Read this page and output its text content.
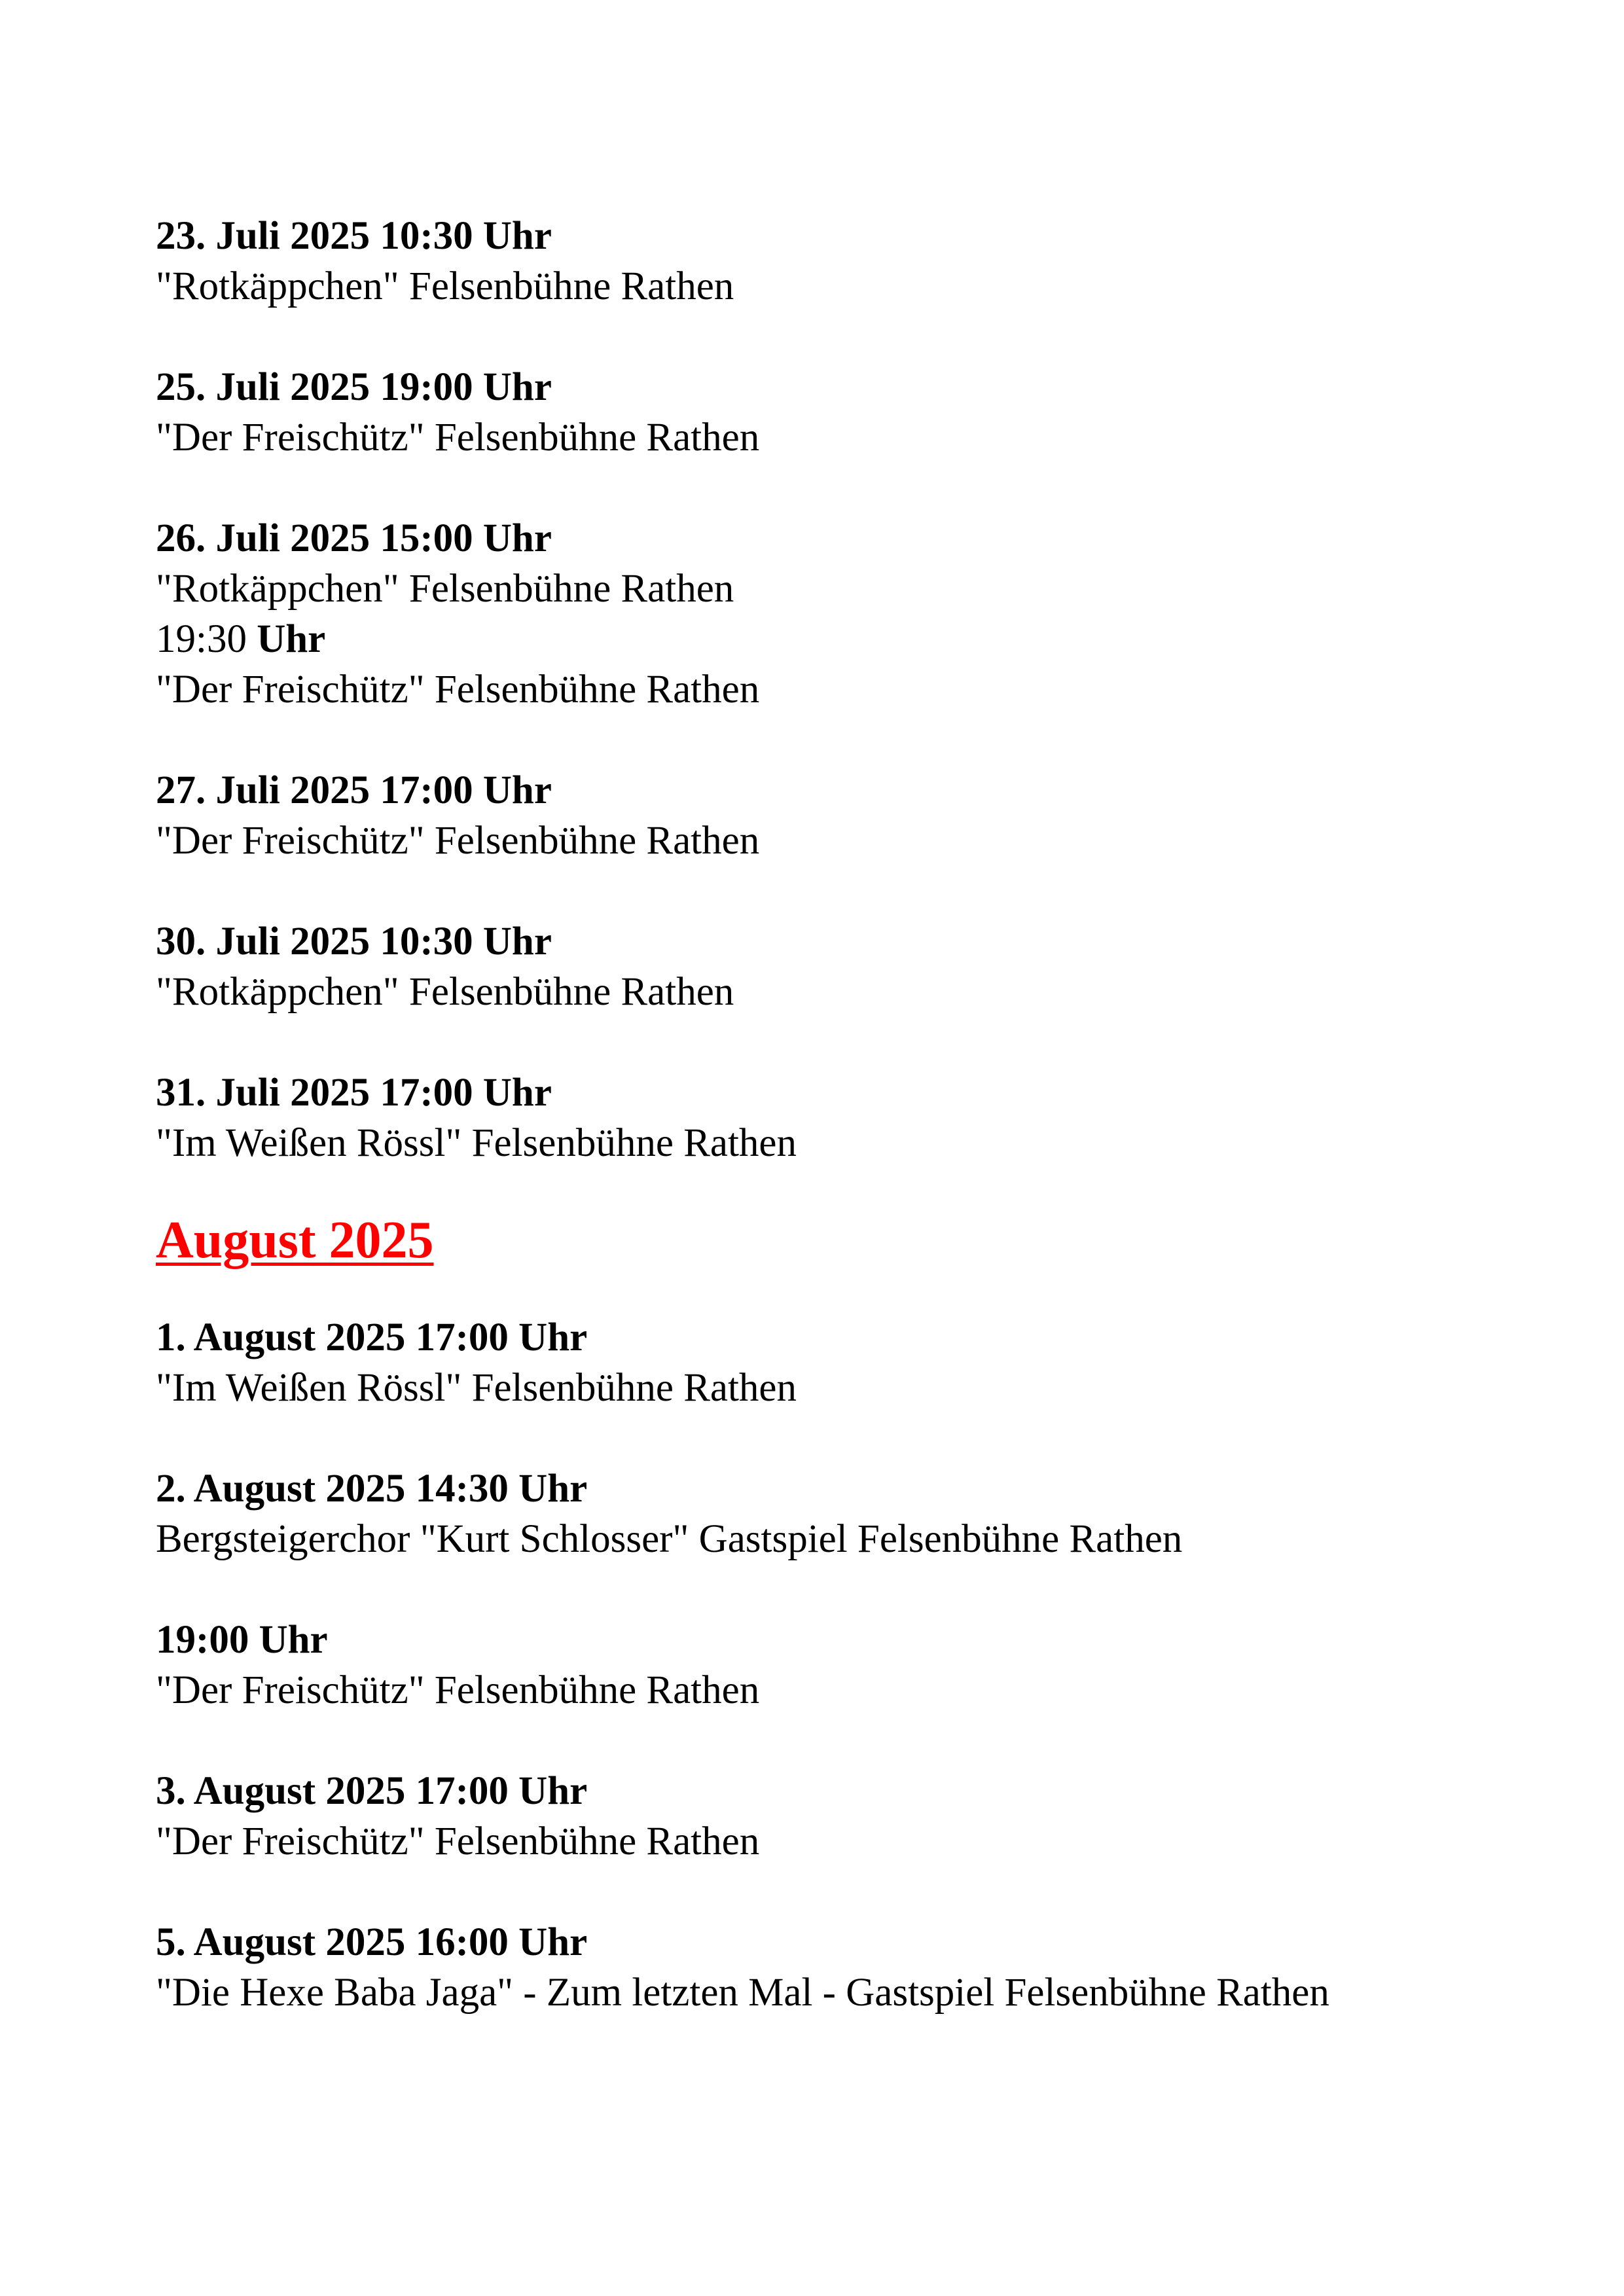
23. Juli 2025 10:30 Uhr
"Rotkäppchen" Felsenbühne Rathen
25. Juli 2025 19:00 Uhr
"Der Freischütz" Felsenbühne Rathen
26. Juli 2025 15:00 Uhr
"Rotkäppchen" Felsenbühne Rathen
19:30 Uhr
"Der Freischütz" Felsenbühne Rathen
27. Juli 2025 17:00 Uhr
"Der Freischütz" Felsenbühne Rathen
30. Juli 2025 10:30 Uhr
"Rotkäppchen" Felsenbühne Rathen
31. Juli 2025 17:00 Uhr
"Im Weißen Rössl" Felsenbühne Rathen
August 2025
1. August 2025 17:00 Uhr
"Im Weißen Rössl" Felsenbühne Rathen
2. August 2025 14:30 Uhr
Bergsteigerchor "Kurt Schlosser" Gastspiel Felsenbühne Rathen
19:00 Uhr
"Der Freischütz" Felsenbühne Rathen
3. August 2025 17:00 Uhr
"Der Freischütz" Felsenbühne Rathen
5. August 2025 16:00 Uhr
"Die Hexe Baba Jaga" - Zum letzten Mal - Gastspiel Felsenbühne Rathen
